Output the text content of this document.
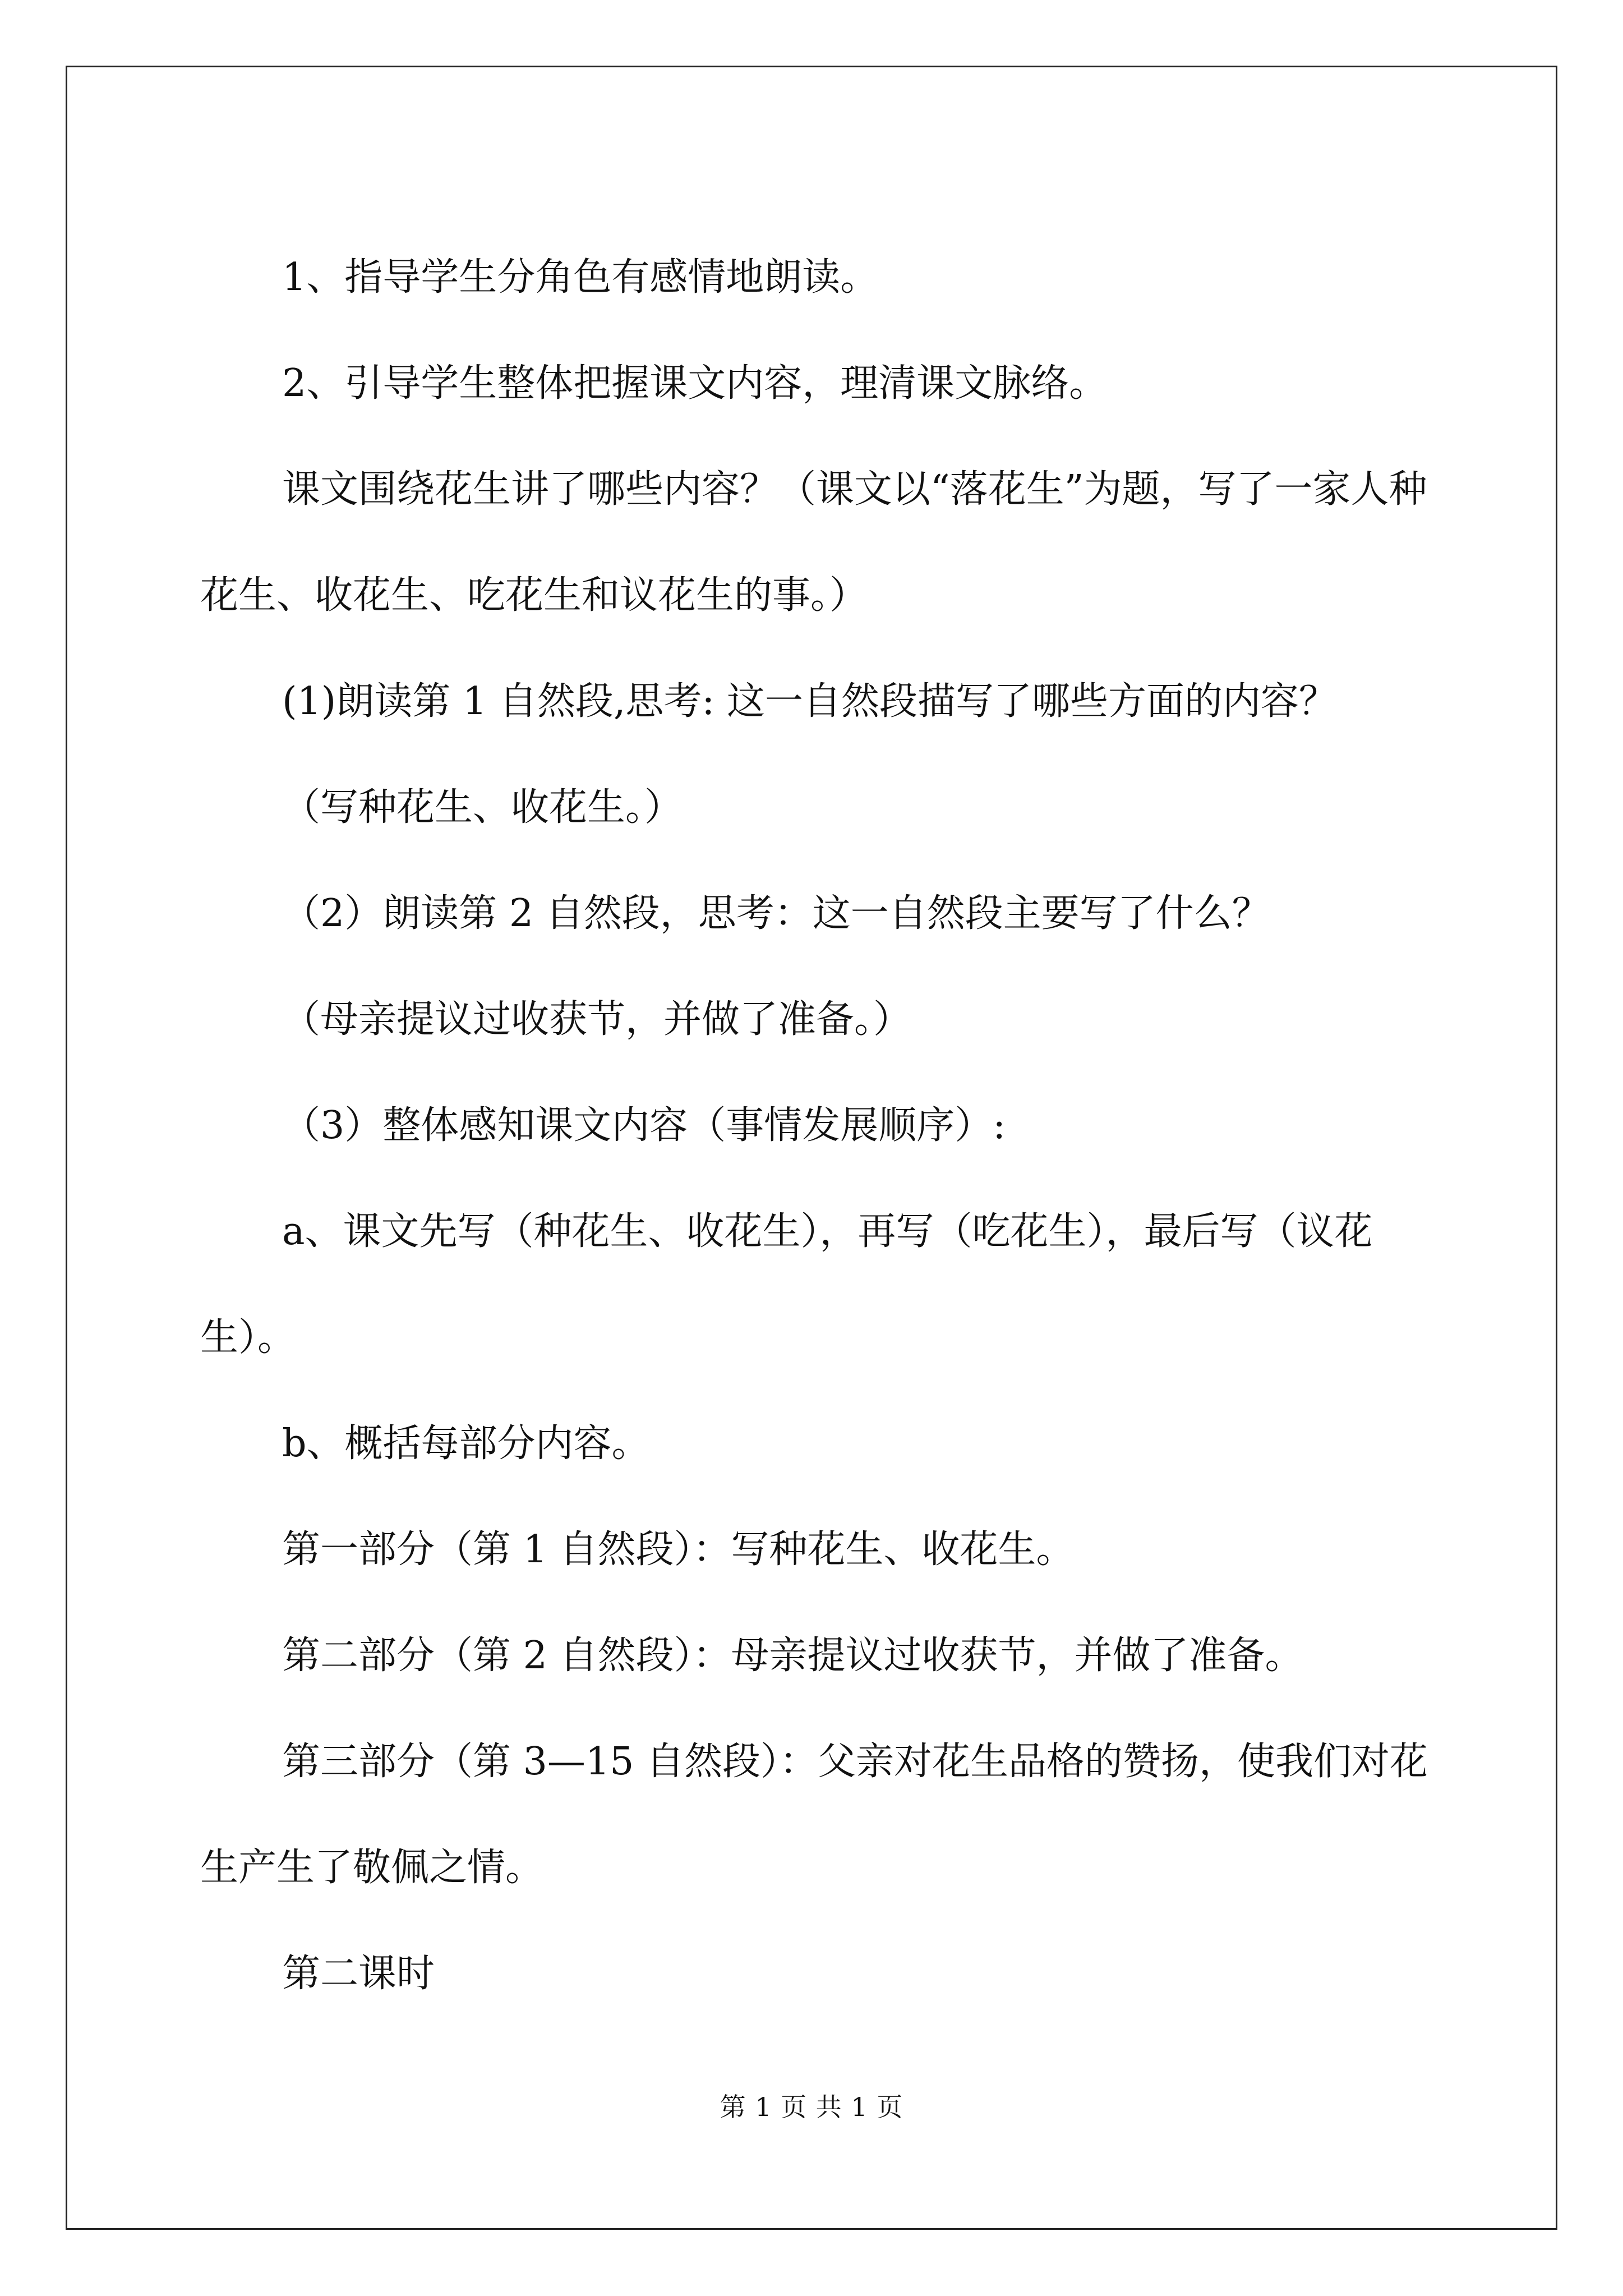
1、指导学生分角色有感情地朗读。

2、引导学生整体把握课文内容，理清课文脉络。

课文围绕花生讲了哪些内容？（课文以“落花生”为题，写了一家人种花生、收花生、吃花生和议花生的事。）

(1)朗读第 1 自然段,思考: 这一自然段描写了哪些方面的内容？

（写种花生、收花生。）

（2）朗读第 2 自然段，思考：这一自然段主要写了什么？

（母亲提议过收获节，并做了准备。）

（3）整体感知课文内容（事情发展顺序）:

a、课文先写（种花生、收花生），再写（吃花生），最后写（议花生）。

b、概括每部分内容。

第一部分（第 1 自然段）：写种花生、收花生。

第二部分（第 2 自然段）：母亲提议过收获节，并做了准备。

第三部分（第 3—15 自然段）：父亲对花生品格的赞扬，使我们对花生产生了敬佩之情。

第二课时

第 1 页 共 1 页
